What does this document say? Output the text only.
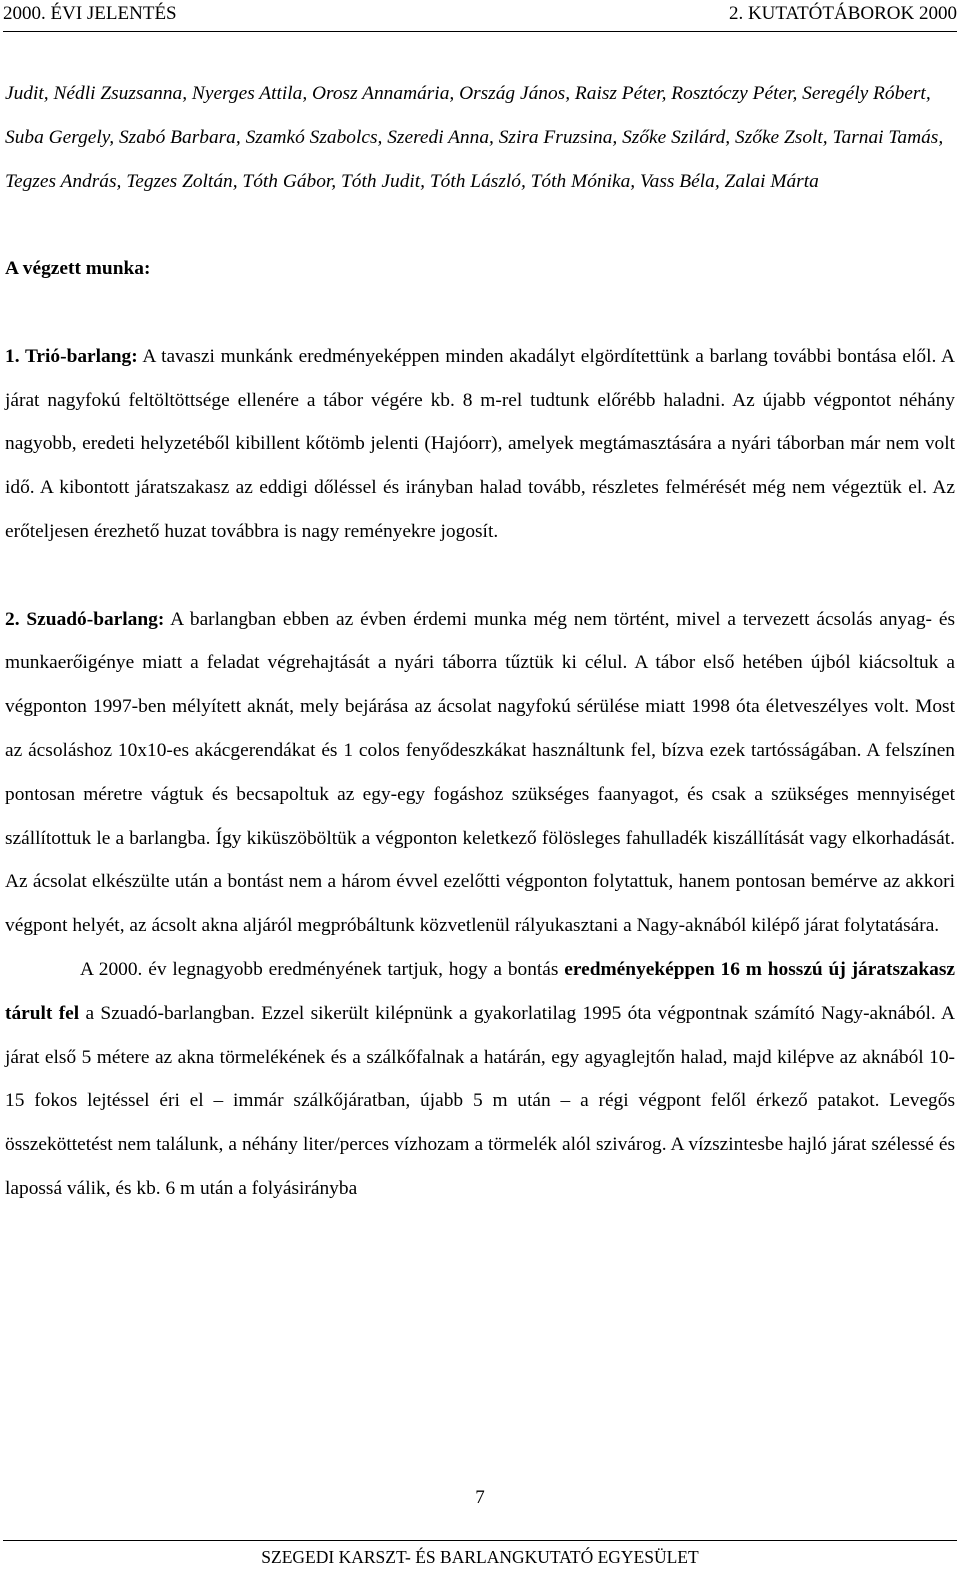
2000. ÉVI JELENTÉS	2. KUTATÓTÁBOROK 2000

Judit, Nédli Zsuzsanna, Nyerges Attila, Orosz Annamária, Ország János, Raisz Péter, Rosztóczy Péter, Seregély Róbert, Suba Gergely, Szabó Barbara, Szamkó Szabolcs, Szeredi Anna, Szira Fruzsina, Szőke Szilárd, Szőke Zsolt, Tarnai Tamás, Tegzes András, Tegzes Zoltán, Tóth Gábor, Tóth Judit, Tóth László, Tóth Mónika, Vass Béla, Zalai Márta

A végzett munka:

1. Trió-barlang: A tavaszi munkánk eredményeképpen minden akadályt elgördítettünk a barlang további bontása elől. A járat nagyfokú feltöltöttsége ellenére a tábor végére kb. 8 m-rel tudtunk előrébb haladni. Az újabb végpontot néhány nagyobb, eredeti helyzetéből kibillent kőtömb jelenti (Hajóorr), amelyek megtámasztására a nyári táborban már nem volt idő. A kibontott járatszakasz az eddigi dőléssel és irányban halad tovább, részletes felmérését még nem végeztük el. Az erőteljesen érezhető huzat továbbra is nagy reményekre jogosít.

2. Szuadó-barlang: A barlangban ebben az évben érdemi munka még nem történt, mivel a tervezett ácsolás anyag- és munkaerőigénye miatt a feladat végrehajtását a nyári táborra tűztük ki célul. A tábor első hetében újból kiácsoltuk a végponton 1997-ben mélyített aknát, mely bejárása az ácsolat nagyfokú sérülése miatt 1998 óta életveszélyes volt. Most az ácsoláshoz 10x10-es akácgerendákat és 1 colos fenyődeszkákat használtunk fel, bízva ezek tartósságában. A felszínen pontosan méretre vágtuk és becsapoltuk az egy-egy fogáshoz szükséges faanyagot, és csak a szükséges mennyiséget szállítottuk le a barlangba. Így kiküszöböltük a végponton keletkező fölösleges fahulladék kiszállítását vagy elkorhadását. Az ácsolat elkészülte után a bontást nem a három évvel ezelőtti végponton folytattuk, hanem pontosan bemérve az akkori végpont helyét, az ácsolt akna aljáról megpróbáltunk közvetlenül rályukasztani a Nagy-aknából kilépő járat folytatására.

A 2000. év legnagyobb eredményének tartjuk, hogy a bontás eredményeképpen 16 m hosszú új járatszakasz tárult fel a Szuadó-barlangban. Ezzel sikerült kilépnünk a gyakorlatilag 1995 óta végpontnak számító Nagy-aknából. A járat első 5 métere az akna törmelékének és a szálkőfalnak a határán, egy agyaglejtőn halad, majd kilépve az aknából 10-15 fokos lejtéssel éri el – immár szálkőjáratban, újabb 5 m után – a régi végpont felől érkező patakot. Levegős összeköttetést nem találunk, a néhány liter/perces vízhozam a törmelék alól szivárog. A vízszintesbe hajló járat szélessé és lapossá válik, és kb. 6 m után a folyásirányba

7
SZEGEDI KARSZT- ÉS BARLANGKUTATÓ EGYESÜLET
